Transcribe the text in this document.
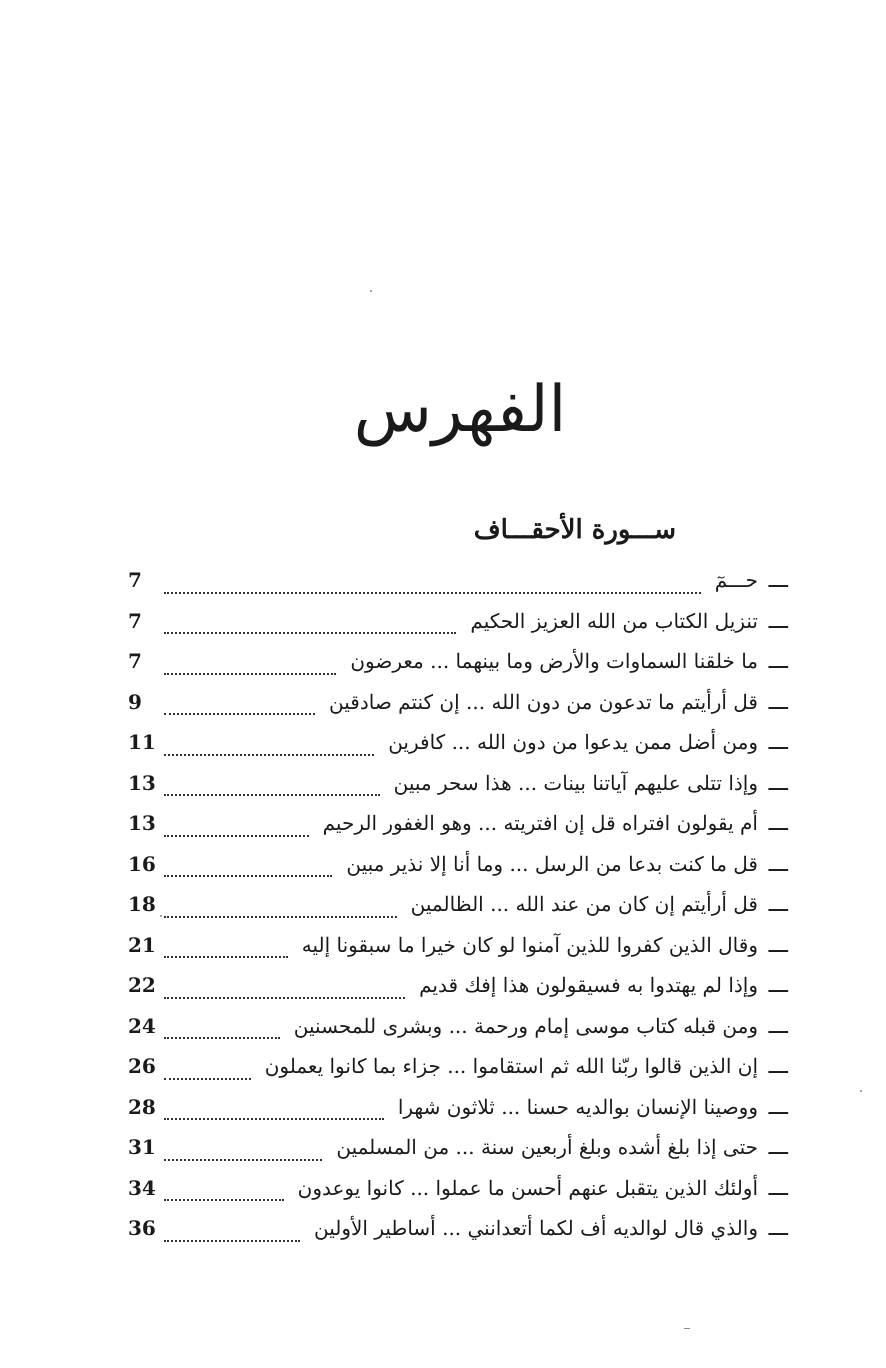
الفهرس
ســـورة الأحقـــاف
ـــ
حـــمٓ
7
ـــ
تنزيل الكتاب من الله العزيز الحكيم
7
ـــ
ما خلقنا السماوات والأرض وما بينهما ... معرضون
7
ـــ
قل أرأيتم ما تدعون من دون الله ... إن كنتم صادقين
9
ـــ
ومن أضل ممن يدعوا من دون الله ... كافرين
11
ـــ
وإذا تتلى عليهم آياتنا بينات ... هذا سحر مبين
13
ـــ
أم يقولون افتراه قل إن افتريته ... وهو الغفور الرحيم
13
ـــ
قل ما كنت بدعا من الرسل ... وما أنا إلا نذير مبين
16
ـــ
قل أرأيتم إن كان من عند الله ... الظالمين
18
ـــ
وقال الذين كفروا للذين آمنوا لو كان خيرا ما سبقونا إليه
21
ـــ
وإذا لم يهتدوا به فسيقولون هذا إفك قديم
22
ـــ
ومن قبله كتاب موسى إمام ورحمة ... وبشرى للمحسنين
24
ـــ
إن الذين قالوا ربّنا الله ثم استقاموا ... جزاء بما كانوا يعملون
26
ـــ
ووصينا الإنسان بوالديه حسنا ... ثلاثون شهرا
28
ـــ
حتى إذا بلغ أشده وبلغ أربعين سنة ... من المسلمين
31
ـــ
أولئك الذين يتقبل عنهم أحسن ما عملوا ... كانوا يوعدون
34
ـــ
والذي قال لوالديه أف لكما أتعدانني ... أساطير الأولين
36
